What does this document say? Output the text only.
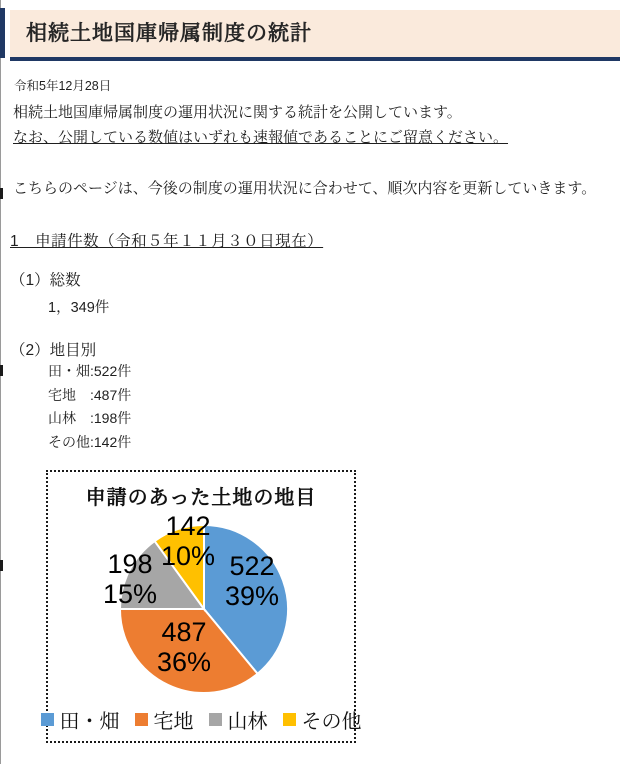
相続土地国庫帰属制度の統計
令和5年12月28日

相続土地国庫帰属制度の運用状況に関する統計を公開しています。

なお、公開している数値はいずれも速報値であることにご留意ください。

こちらのページは、今後の制度の運用状況に合わせて、順次内容を更新していきます。

1　申請件数（令和５年１１月３０日現在）
（1）総数
1，349件
（2）地目別
田・畑:522件
宅地　:487件
山林　:198件
その他:142件
申請のあった土地の地目
522
39%
487
36%
198
15%
142
10%
田・畑 宅地 山林 その他
